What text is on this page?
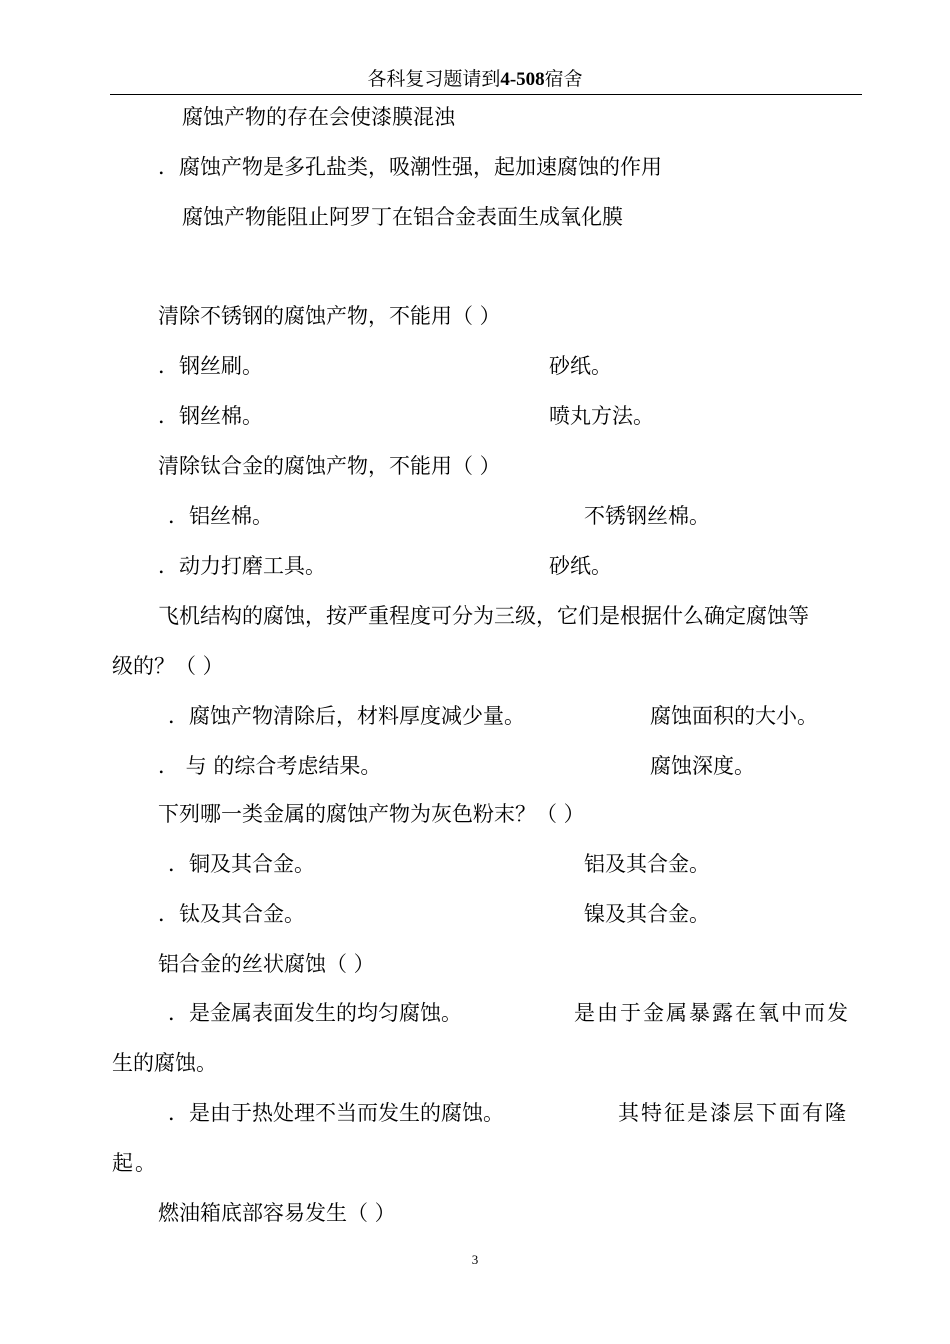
各科复习题请到4-508宿舍
腐蚀产物的存在会使漆膜混浊
．腐蚀产物是多孔盐类，吸潮性强，起加速腐蚀的作用
腐蚀产物能阻止阿罗丁在铝合金表面生成氧化膜
清除不锈钢的腐蚀产物，不能用（ ）
．钢丝刷。	砂纸。
．钢丝棉。	喷丸方法。
清除钛合金的腐蚀产物，不能用（ ）
．铝丝棉。	不锈钢丝棉。
．动力打磨工具。	砂纸。
飞机结构的腐蚀，按严重程度可分为三级，它们是根据什么确定腐蚀等
级的？（ ）
．腐蚀产物清除后，材料厚度减少量。	腐蚀面积的大小。
． 与 的综合考虑结果。	腐蚀深度。
下列哪一类金属的腐蚀产物为灰色粉末？（ ）
．铜及其合金。	铝及其合金。
．钛及其合金。	镍及其合金。
铝合金的丝状腐蚀（ ）
．是金属表面发生的均匀腐蚀。	是由于金属暴露在氧中而发
生的腐蚀。
．是由于热处理不当而发生的腐蚀。	其特征是漆层下面有隆
起。
燃油箱底部容易发生（ ）
3
